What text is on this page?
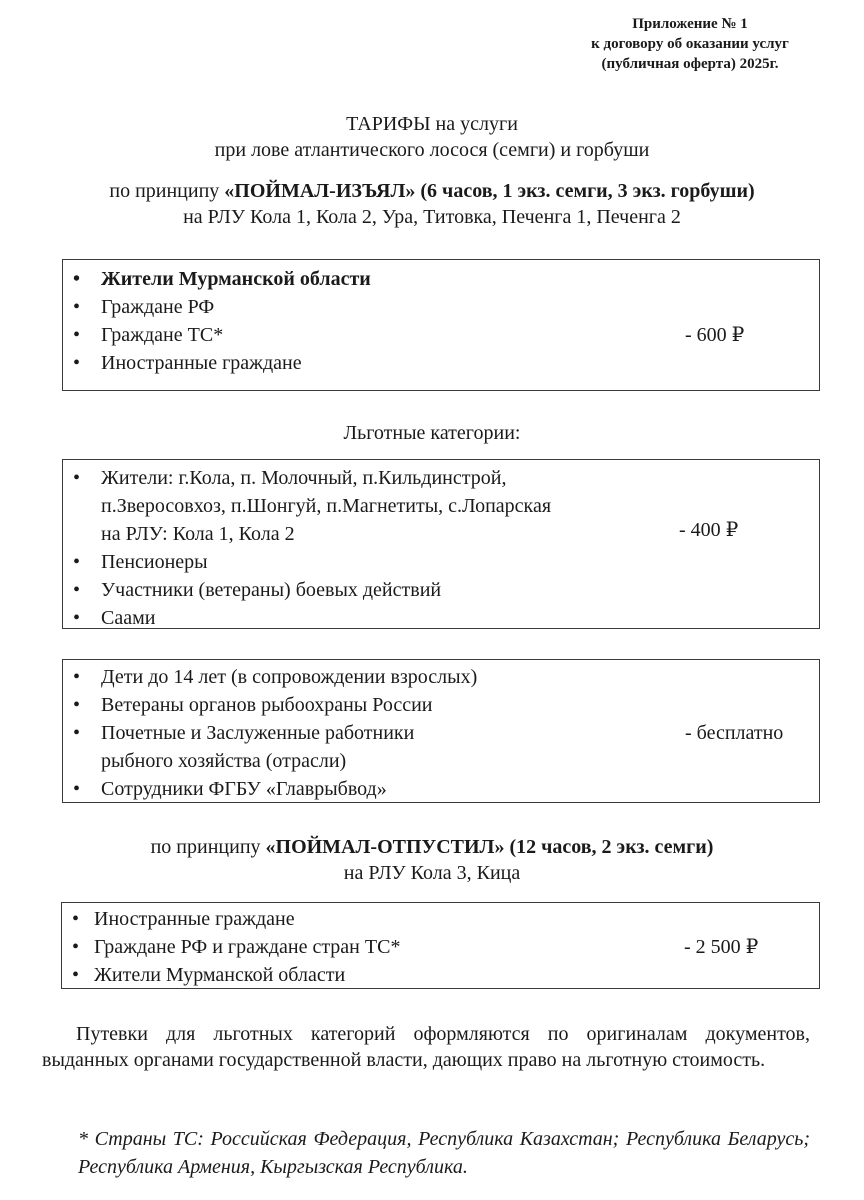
Приложение № 1
к договору об оказании услуг
(публичная оферта) 2025г.
ТАРИФЫ на услуги
при лове атлантического лосося (семги) и горбуши
по принципу «ПОЙМАЛ-ИЗЪЯЛ» (6 часов, 1 экз. семги, 3 экз. горбуши)
на РЛУ Кола 1, Кола 2, Ура, Титовка, Печенга 1, Печенга 2
• Жители Мурманской области
• Граждане РФ
• Граждане ТС*
• Иностранные граждане
- 600 ₽
Льготные категории:
• Жители: г.Кола, п. Молочный, п.Кильдинстрой,
п.Зверосовхоз, п.Шонгуй, п.Магнетиты, с.Лопарская
на РЛУ: Кола 1, Кола 2
• Пенсионеры
• Участники (ветераны) боевых действий
• Саами
- 400 ₽
• Дети до 14 лет (в сопровождении взрослых)
• Ветераны органов рыбоохраны России
• Почетные и Заслуженные работники
рыбного хозяйства (отрасли)
• Сотрудники ФГБУ «Главрыбвод»
- бесплатно
по принципу «ПОЙМАЛ-ОТПУСТИЛ» (12 часов, 2 экз. семги)
на РЛУ Кола 3, Кица
• Иностранные граждане
• Граждане РФ и граждане стран ТС*
• Жители Мурманской области
- 2 500 ₽
Путевки для льготных категорий оформляются по оригиналам документов, выданных органами государственной власти, дающих право на льготную стоимость.
* Страны ТС: Российская Федерация, Республика Казахстан; Республика Беларусь; Республика Армения, Кыргызская Республика.
